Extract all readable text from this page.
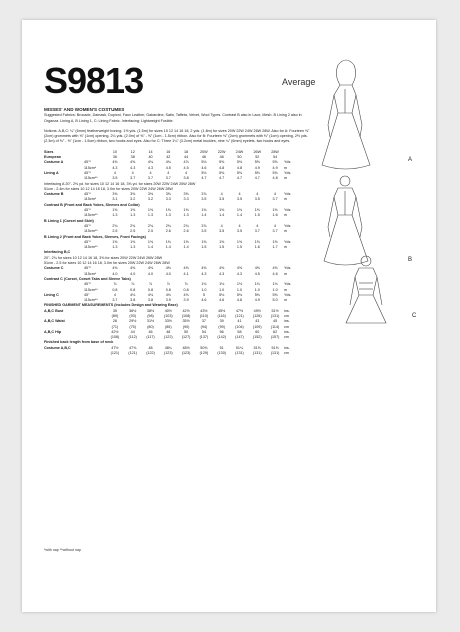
S9813	Average

MISSES' AND WOMEN'S COSTUMES

Suggested Fabrics: Brocade, Damask, Dupioni, Faux Leather, Gabardine, Satin, Taffeta, Velvet, Wool Types. Contrast B also in Lace, Mesh. B Lining 2 also in Organza. Lining A, B Lining 1, C: Lining Fabric. Interfacing: Lightweight Fusible.

Notions: A,B,C: ¼" (6mm) featherweight boning: 1½ yds. (1.5m) for sizes 10 12 14 16 18, 2 yds. (1.8m) for sizes 20W 22W 24W 26W 28W. Also for A: Fourteen ⅜" (2cm) grommets with ⅜" (1cm) opening, 2¼ yds. (2.0m) of ⅜" - ⅝" (1cm - 1.5cm) ribbon. Also for B: Fourteen ⅜" (2cm) grommets with ⅜" (1cm) opening, 2½ yds. (2.3m) of ⅜" - ⅝" (1cm - 1.5cm) ribbon, two hooks and eyes. Also for C: Three 1¼" (3.2cm) metal buckles, nine ¼" (6mm) eyelets, two hooks and eyes.

Sizes		10	12	14	16	18	20W	22W	24W	26W	28W	
European		36	38	40	42	44	46	48	50	52	54	
Costume A	45"*	4⅝	4⅝	4¾	4¾	4⅞	5⅛	5⅜	5⅜	5⅝	5⅝	Yds.
	115cm*	4.3	4.3	4.3	4.5	4.5	4.6	4.8	4.8	4.9	4.9	m
Lining A	45"*	4	4	4	4	4	5⅛	5⅜	5⅜	5⅜	5⅜	Yds.
	115cm**	3.5	3.7	3.7	3.7	3.8	4.7	4.7	4.7	4.7	4.8	m
Interfacing A 20"- 2⅜ yd. for sizes 10 12 14 16 18, 3⅜ yd. for sizes 20W 22W 24W 26W 28W												
51cm - 2.4m for sizes 10 12 14 16 18, 3.0m for sizes 20W 22W 24W 26W 28W												
Costume B	45"*	3⅜	3⅜	3⅜	3⅜	3⅜	3⅞	4	4	4	4	Yds.
	115cm*	3.1	3.2	3.2	3.3	3.3	3.5	3.5	3.5	3.5	3.7	m
Contrast B (Front and Back Yokes, Sleeves and Collar)												
	45"*	1⅜	1⅜	1⅜	1⅜	1⅜	1⅜	1⅜	1⅜	1⅜	1⅜	Yds.
	115cm**	1.3	1.3	1.3	1.3	1.3	1.4	1.4	1.4	1.5	1.6	m
B Lining 1 (Corset and Skirt)												
	45"*	2¾	2¾	2¾	2¾	2¾	3⅞	4	4	4	4	Yds.
	115cm**	2.5	2.5	2.5	2.6	2.6	3.5	3.5	3.5	3.7	3.7	m
B Lining 2 (Front and Back Yokes, Sleeves, Front Facings)												
	45"*	1⅜	1⅜	1⅜	1⅜	1⅜	1⅝	1⅝	1⅝	1⅝	1⅝	Yds.
	115cm**	1.3	1.3	1.4	1.4	1.4	1.5	1.5	1.5	1.6	1.7	m
Interfacing B,C												
20"- 2¾ for sizes 10 12 14 16 18, 3⅜ for sizes 20W 22W 24W 26W 28W												
51cm - 2.5 for sizes 10 12 14 16 18, 3.0m for sizes 20W 22W 24W 26W 28W												
Costume C	45"*	4⅜	4⅜	4⅜	4⅜	4⅜	4⅝	4⅝	4⅝	4⅝	4⅝	Yds.
	115cm*	4.0	4.0	4.0	4.0	4.1	4.3	4.3	4.3	4.5	4.6	m
Contrast C (Corset, Corset Tabs and Sleeve Tabs)												
	45"*	⅞	⅞	⅞	⅞	⅞	1⅛	1⅛	1⅛	1⅛	1⅛	Yds.
	115cm**	0.8	0.8	0.8	0.8	0.8	1.0	1.0	1.0	1.0	1.0	m
Lining C	45"	4	4⅛	4⅛	4⅛	4⅛	5	5⅛	5⅜	5⅜	5⅜	Yds.
	115cm**	3.7	3.8	3.8	3.9	3.9	4.6	4.6	4.8	4.9	5.0	m
FINISHED GARMENT MEASUREMENTS (Includes Design and Wearing Ease)												
A,B,C Bust		35	36½	38½	40½	42½	43½	45½	47½	49½	51½	ins.
		(89)	(93)	(98)	(103)	(108)	(110)	(116)	(121)	(126)	(131)	cm
A,B,C Waist		28	29½	31½	33½	35½	37	39	41	43	45	ins.
		(71)	(75)	(80)	(85)	(90)	(94)	(99)	(104)	(109)	(114)	cm
A,B,C Hip		42½	44	46	48	50	54	56	58	60	62	ins.
		(108)	(112)	(117)	(122)	(127)	(137)	(142)	(147)	(152)	(157)	cm
Finished back length from base of neck												
Costume A,B,C		47½	47⅝	48	48¼	48½	50⅝	51	51¼	51⅝	51⅝	ins.
		(121)	(121)	(122)	(123)	(123)	(129)	(130)	(131)	(131)	(131)	cm
*with nap **without nap
A
B
C
